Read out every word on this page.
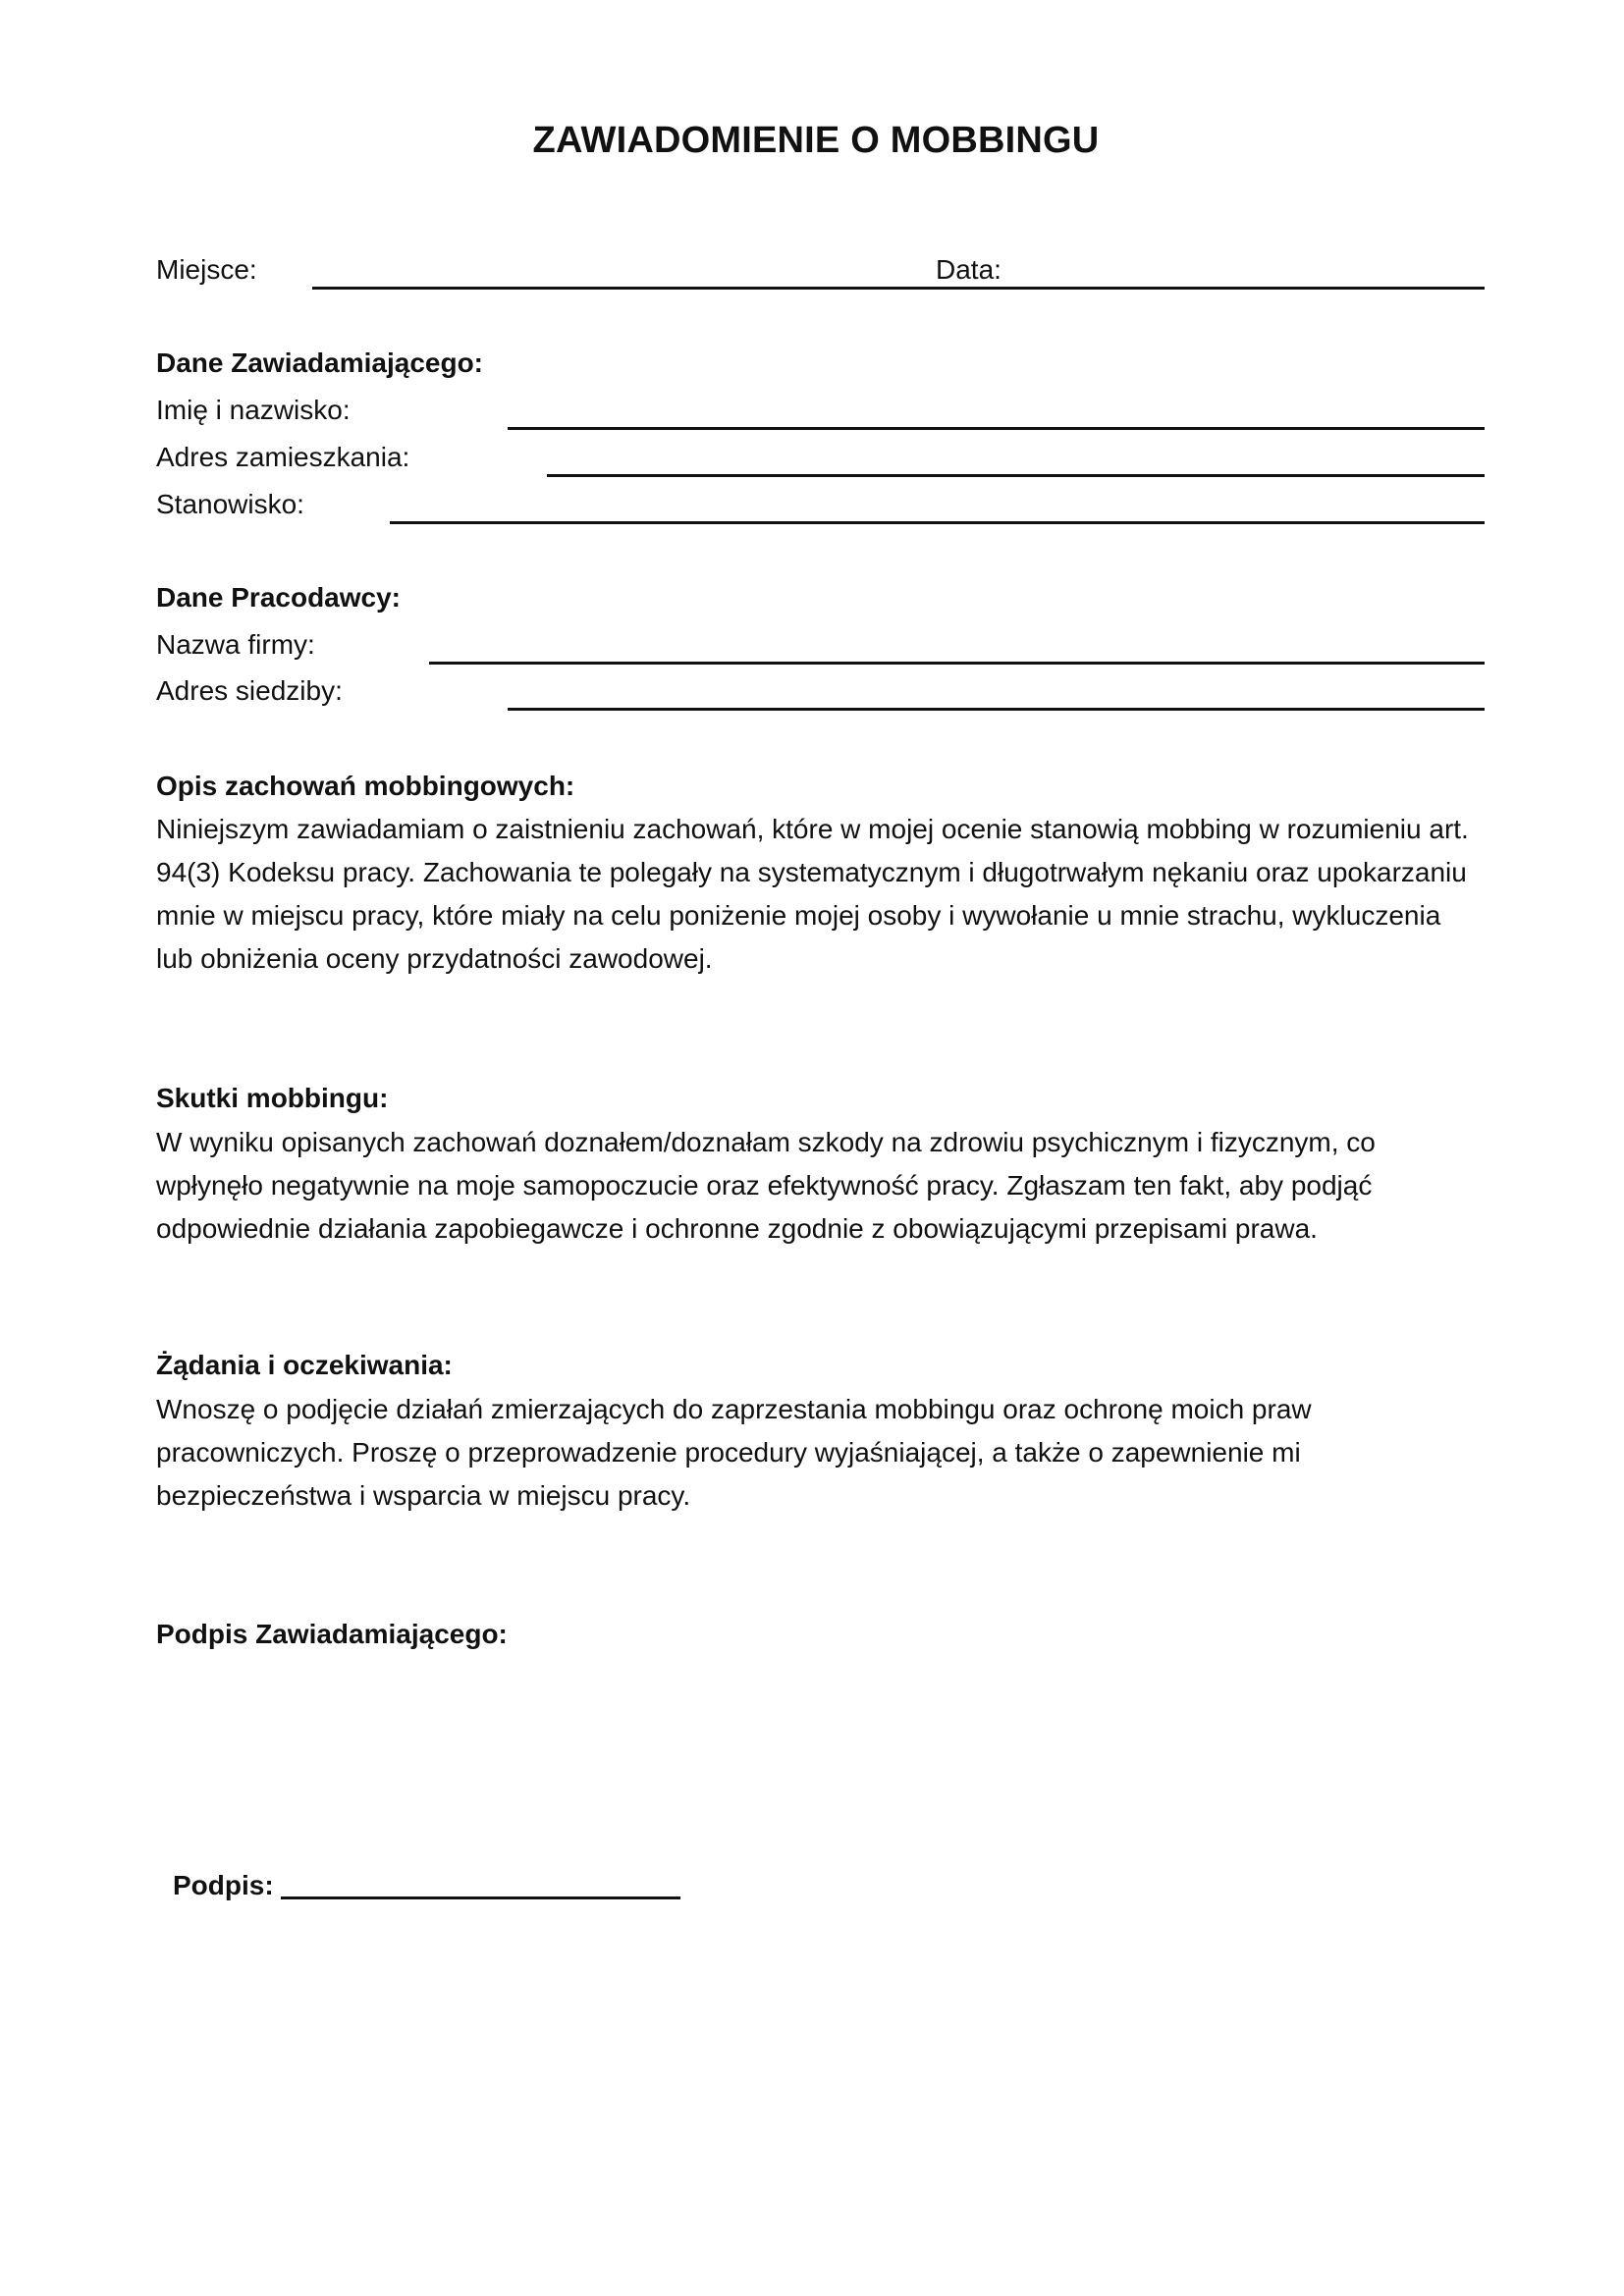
ZAWIADOMIENIE O MOBBINGU
Miejsce:	Data:
Dane Zawiadamiającego:
Imię i nazwisko:
Adres zamieszkania:
Stanowisko:
Dane Pracodawcy:
Nazwa firmy:
Adres siedziby:
Opis zachowań mobbingowych:
Niniejszym zawiadamiam o zaistnieniu zachowań, które w mojej ocenie stanowią mobbing w rozumieniu art.
94(3) Kodeksu pracy. Zachowania te polegały na systematycznym i długotrwałym nękaniu oraz upokarzaniu
mnie w miejscu pracy, które miały na celu poniżenie mojej osoby i wywołanie u mnie strachu, wykluczenia
lub obniżenia oceny przydatności zawodowej.
Skutki mobbingu:
W wyniku opisanych zachowań doznałem/doznałam szkody na zdrowiu psychicznym i fizycznym, co
wpłynęło negatywnie na moje samopoczucie oraz efektywność pracy. Zgłaszam ten fakt, aby podjąć
odpowiednie działania zapobiegawcze i ochronne zgodnie z obowiązującymi przepisami prawa.
Żądania i oczekiwania:
Wnoszę o podjęcie działań zmierzających do zaprzestania mobbingu oraz ochronę moich praw
pracowniczych. Proszę o przeprowadzenie procedury wyjaśniającej, a także o zapewnienie mi
bezpieczeństwa i wsparcia w miejscu pracy.
Podpis Zawiadamiającego:
Podpis:
